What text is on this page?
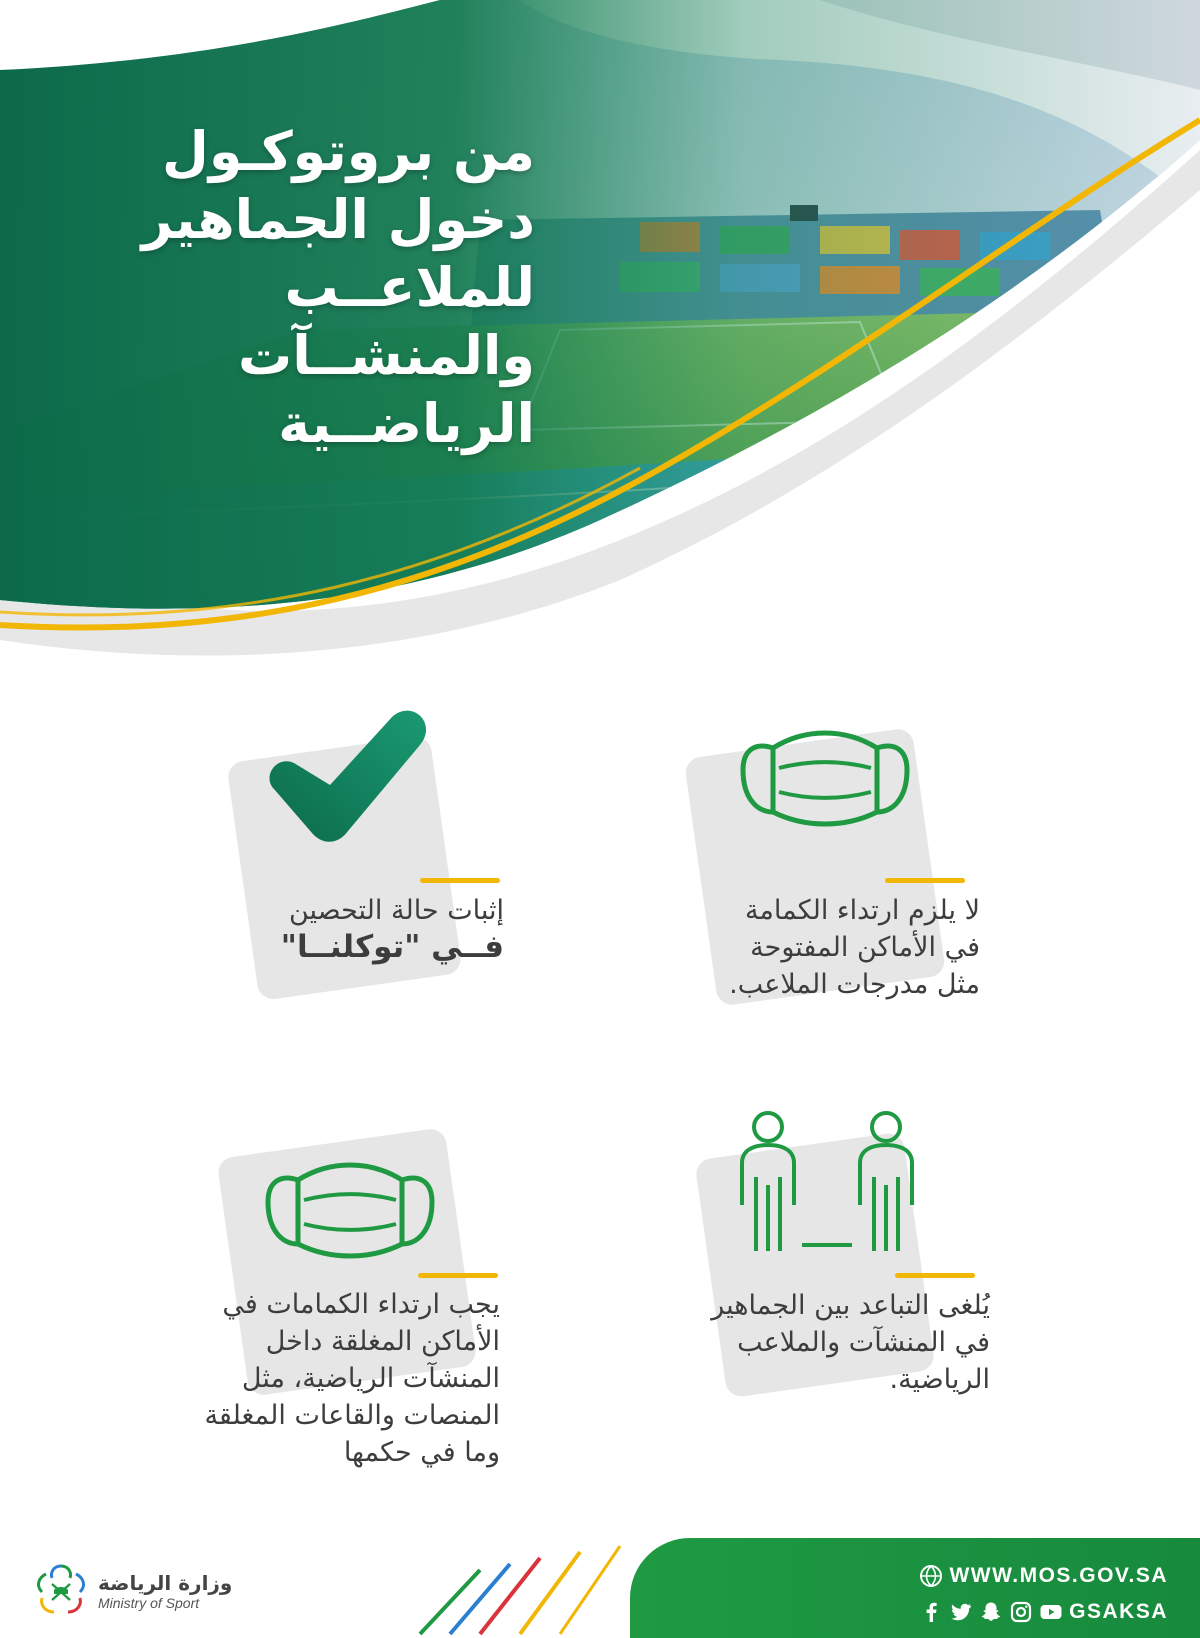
من بروتوكـول
دخول الجماهير
للملاعــب
والمنشــآت
الرياضــية
لا يلزم ارتداء الكمامة
في الأماكن المفتوحة
مثل مدرجات الملاعب.
إثبات حالة التحصين
فــي "توكلنــا"
يُلغى التباعد بين الجماهير
في المنشآت والملاعب
الرياضية.
يجب ارتداء الكمامات في
الأماكن المغلقة داخل
المنشآت الرياضية، مثل
المنصات والقاعات المغلقة
وما في حكمها
WWW.MOS.GOV.SA
GSAKSA
وزارة الرياضة
Ministry of Sport
